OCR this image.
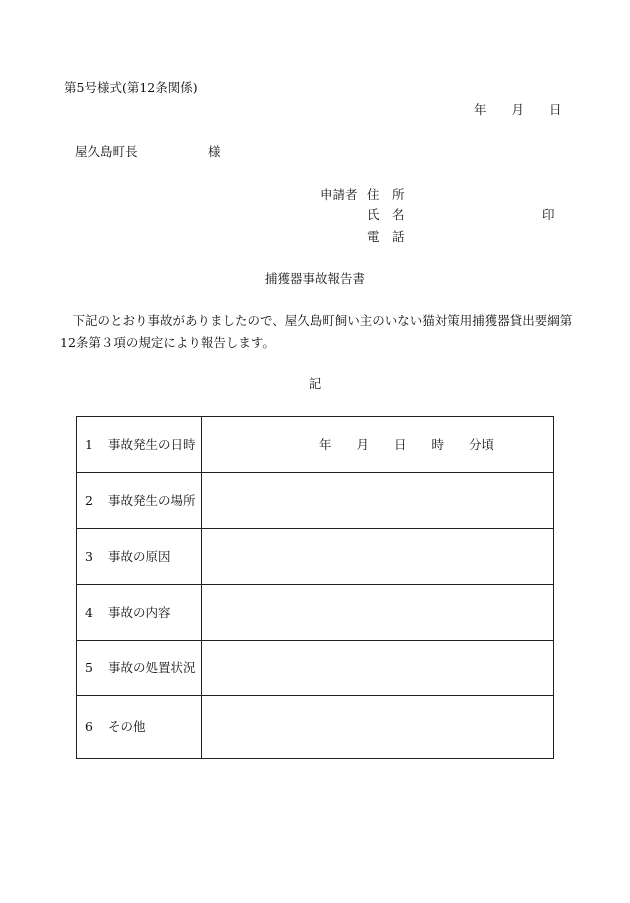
第5号様式(第12条関係)
年　　月　　日
屋久島町長	様
申請者 住　所
氏　名	印
電　話
捕獲器事故報告書
　下記のとおり事故がありましたので、屋久島町飼い主のいない猫対策用捕獲器貸出要綱第
12条第３項の規定により報告します。
記
1 事故発生の日時	年　　月　　日　　時　　分頃
2 事故発生の場所	
3 事故の原因	
4 事故の内容	
5 事故の処置状況	
6 その他	
